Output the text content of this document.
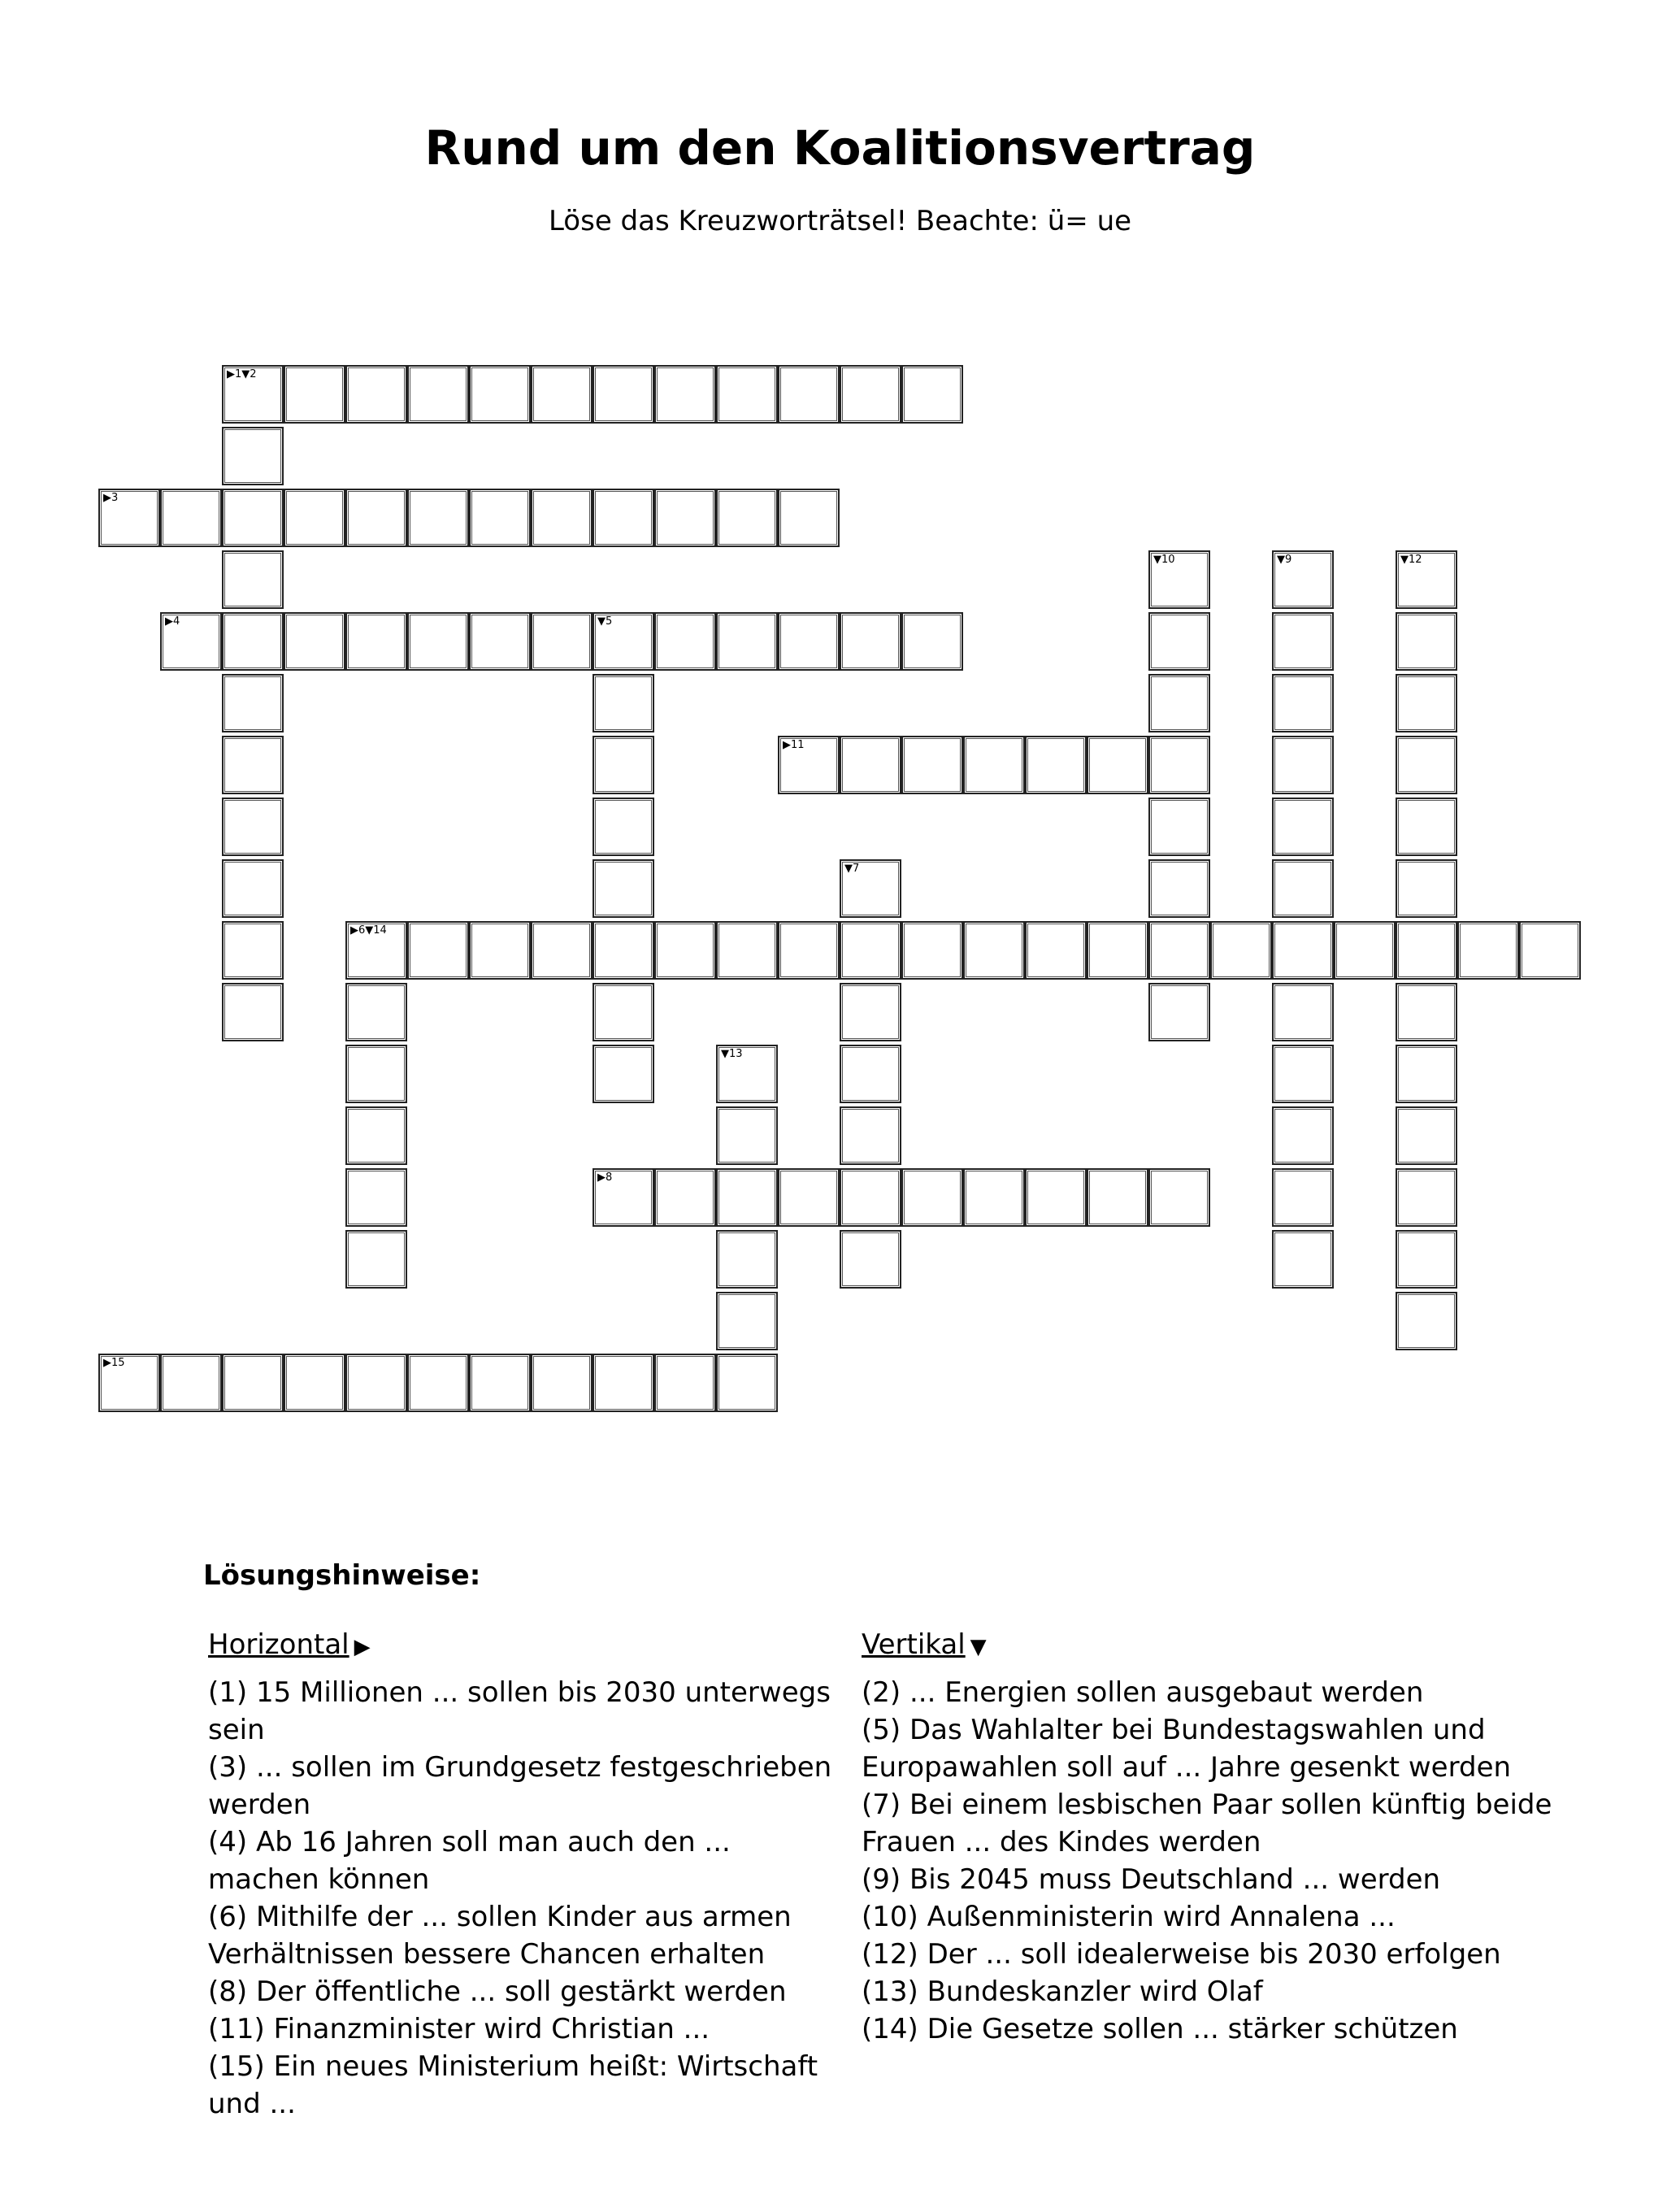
Rund um den Koalitionsvertrag
Löse das Kreuzworträtsel! Beachte: ü= ue
▶1▼2
▶3
▼10	▼9	▼12
▶4	▼5
▶11
▼7
▶6▼14
▼13
▶8
▶15
Lösungshinweise:
Horizontal ▶
(1) 15 Millionen ... sollen bis 2030 unterwegs sein
(3) ... sollen im Grundgesetz festgeschrieben werden
(4) Ab 16 Jahren soll man auch den ... machen können
(6) Mithilfe der ... sollen Kinder aus armen Verhältnissen bessere Chancen erhalten
(8) Der öffentliche ... soll gestärkt werden
(11) Finanzminister wird Christian ...
(15) Ein neues Ministerium heißt: Wirtschaft und ...
Vertikal ▼
(2) ... Energien sollen ausgebaut werden
(5) Das Wahlalter bei Bundestagswahlen und Europawahlen soll auf ... Jahre gesenkt werden
(7) Bei einem lesbischen Paar sollen künftig beide Frauen ... des Kindes werden
(9) Bis 2045 muss Deutschland ... werden
(10) Außenministerin wird Annalena ...
(12) Der ... soll idealerweise bis 2030 erfolgen
(13) Bundeskanzler wird Olaf
(14) Die Gesetze sollen ... stärker schützen
